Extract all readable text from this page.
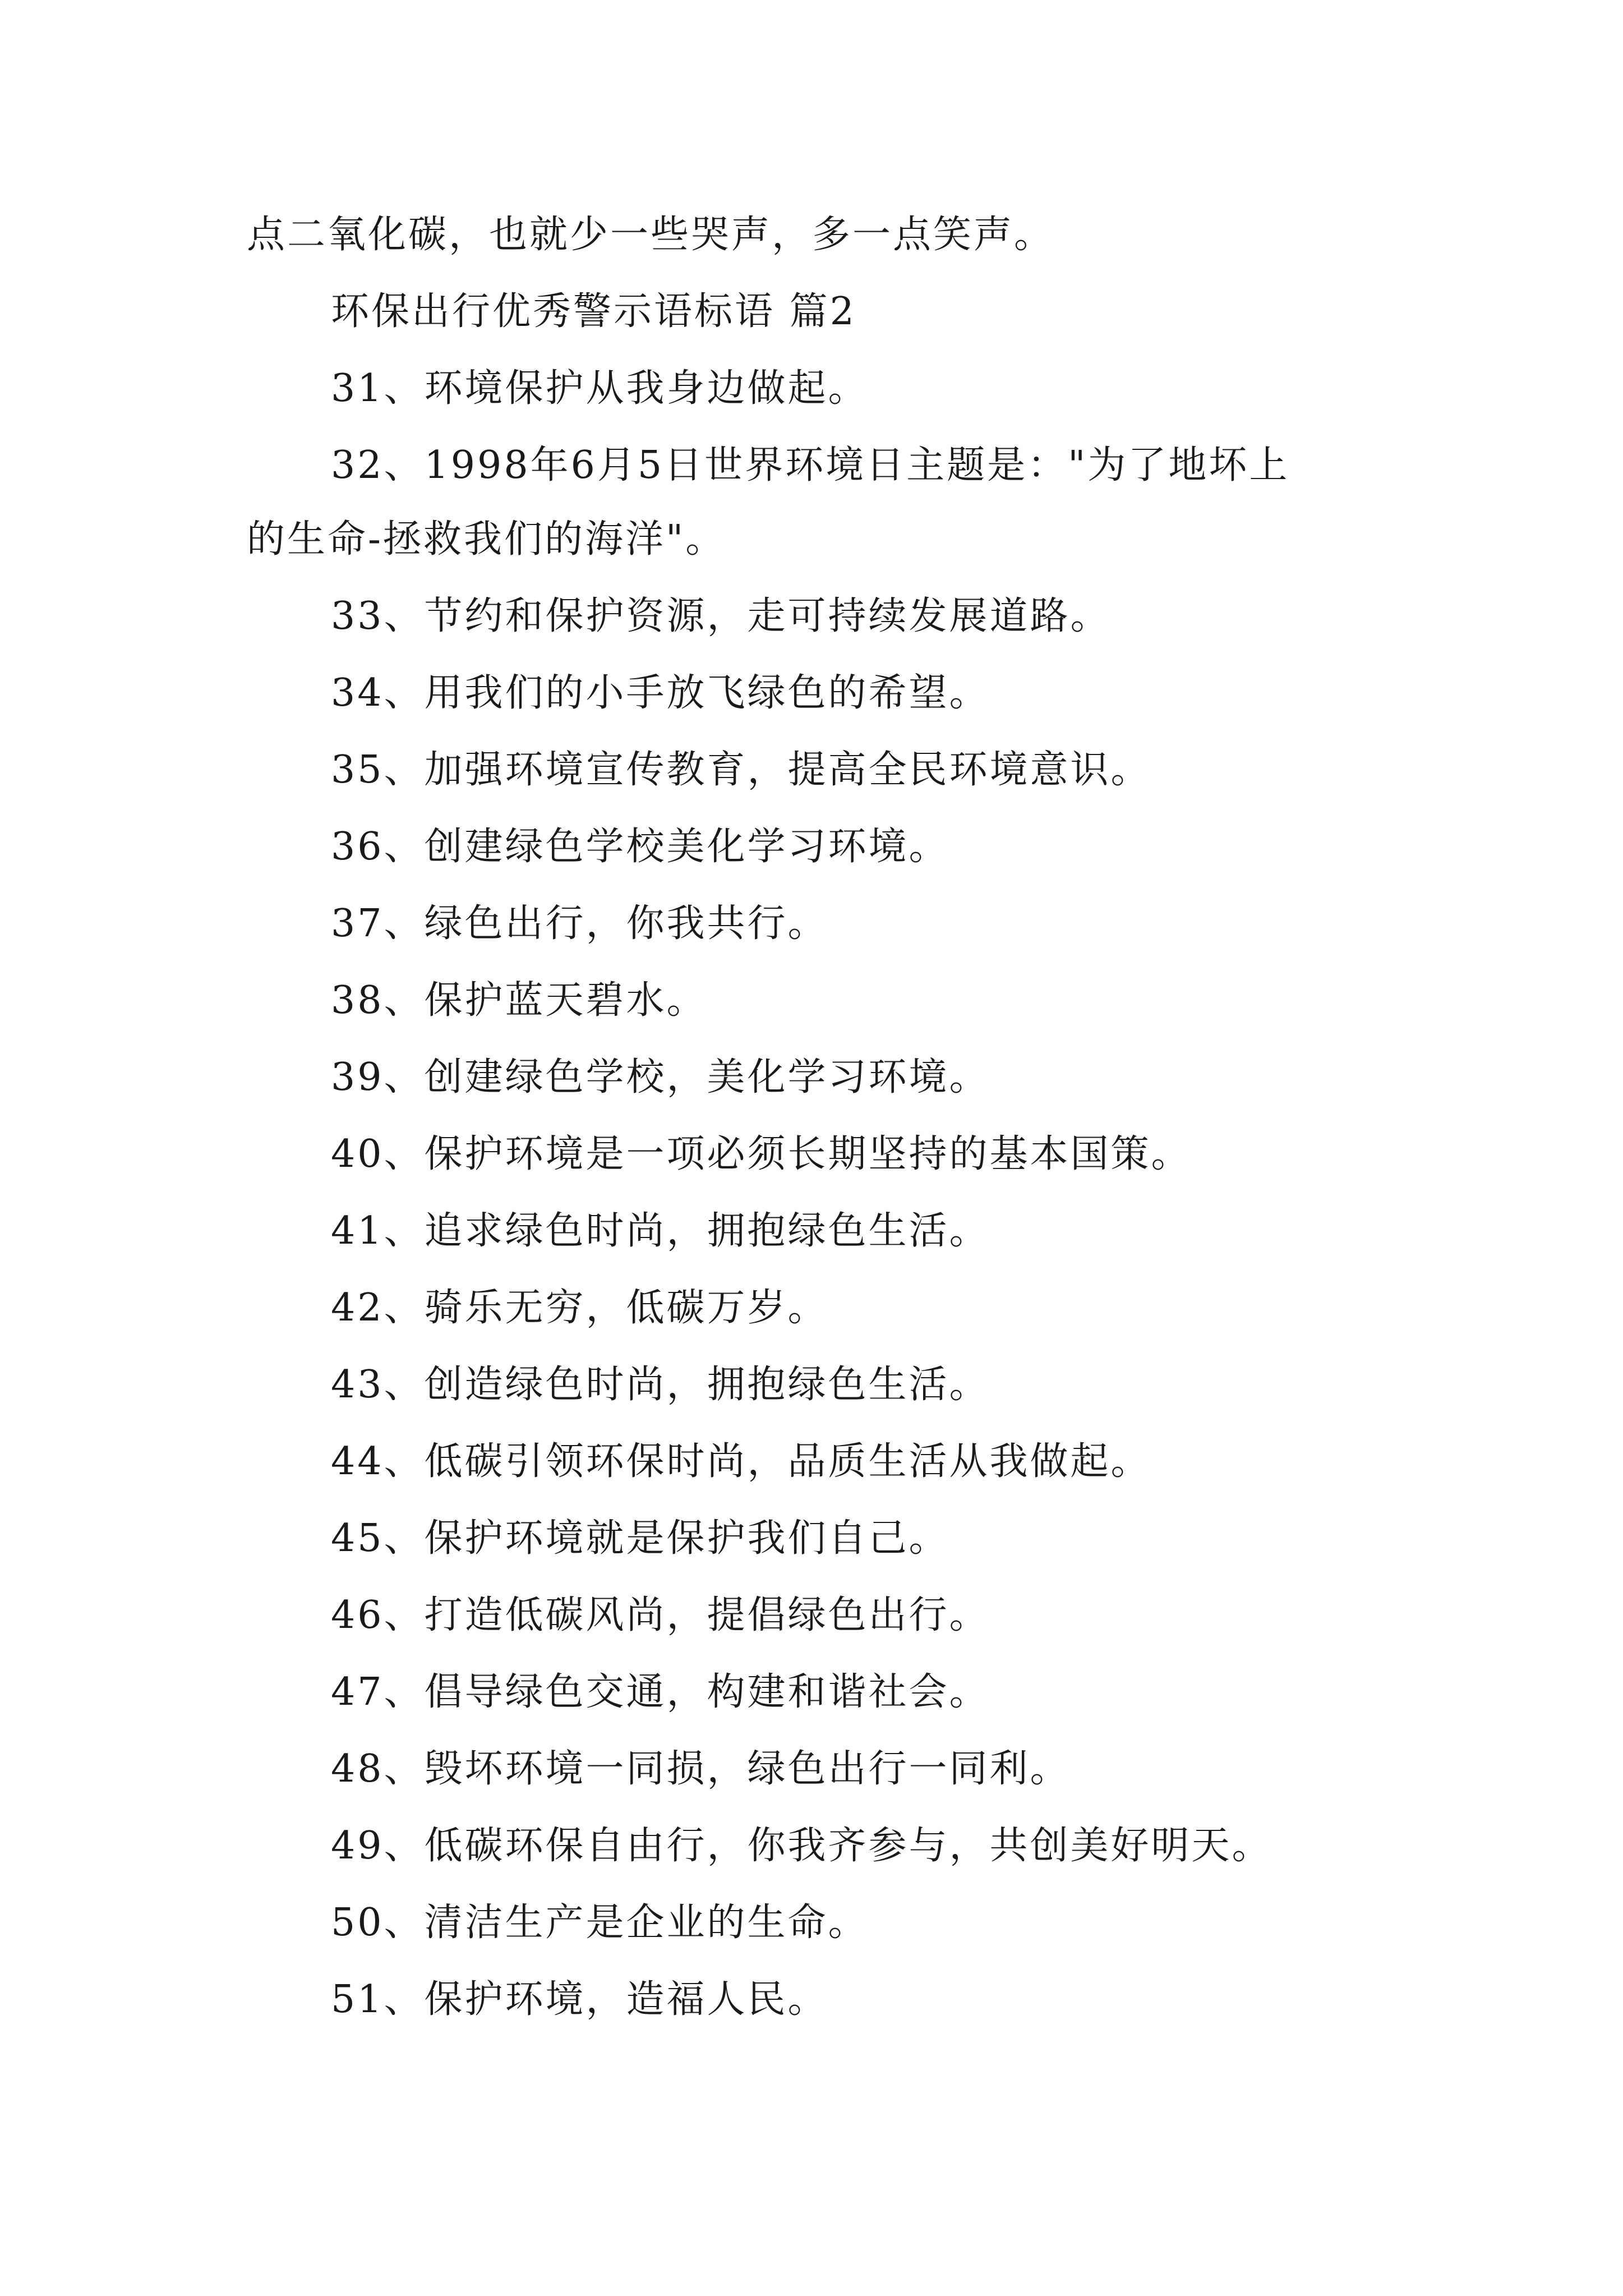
点二氧化碳，也就少一些哭声，多一点笑声。

环保出行优秀警示语标语 篇2

31、环境保护从我身边做起。

32、1998年6月5日世界环境日主题是："为了地坏上

的生命-拯救我们的海洋"。

33、节约和保护资源，走可持续发展道路。

34、用我们的小手放飞绿色的希望。

35、加强环境宣传教育，提高全民环境意识。

36、创建绿色学校美化学习环境。

37、绿色出行，你我共行。

38、保护蓝天碧水。

39、创建绿色学校，美化学习环境。

40、保护环境是一项必须长期坚持的基本国策。

41、追求绿色时尚，拥抱绿色生活。

42、骑乐无穷，低碳万岁。

43、创造绿色时尚，拥抱绿色生活。

44、低碳引领环保时尚，品质生活从我做起。

45、保护环境就是保护我们自己。

46、打造低碳风尚，提倡绿色出行。

47、倡导绿色交通，构建和谐社会。

48、毁坏环境一同损，绿色出行一同利。

49、低碳环保自由行，你我齐参与，共创美好明天。

50、清洁生产是企业的生命。

51、保护环境，造福人民。
